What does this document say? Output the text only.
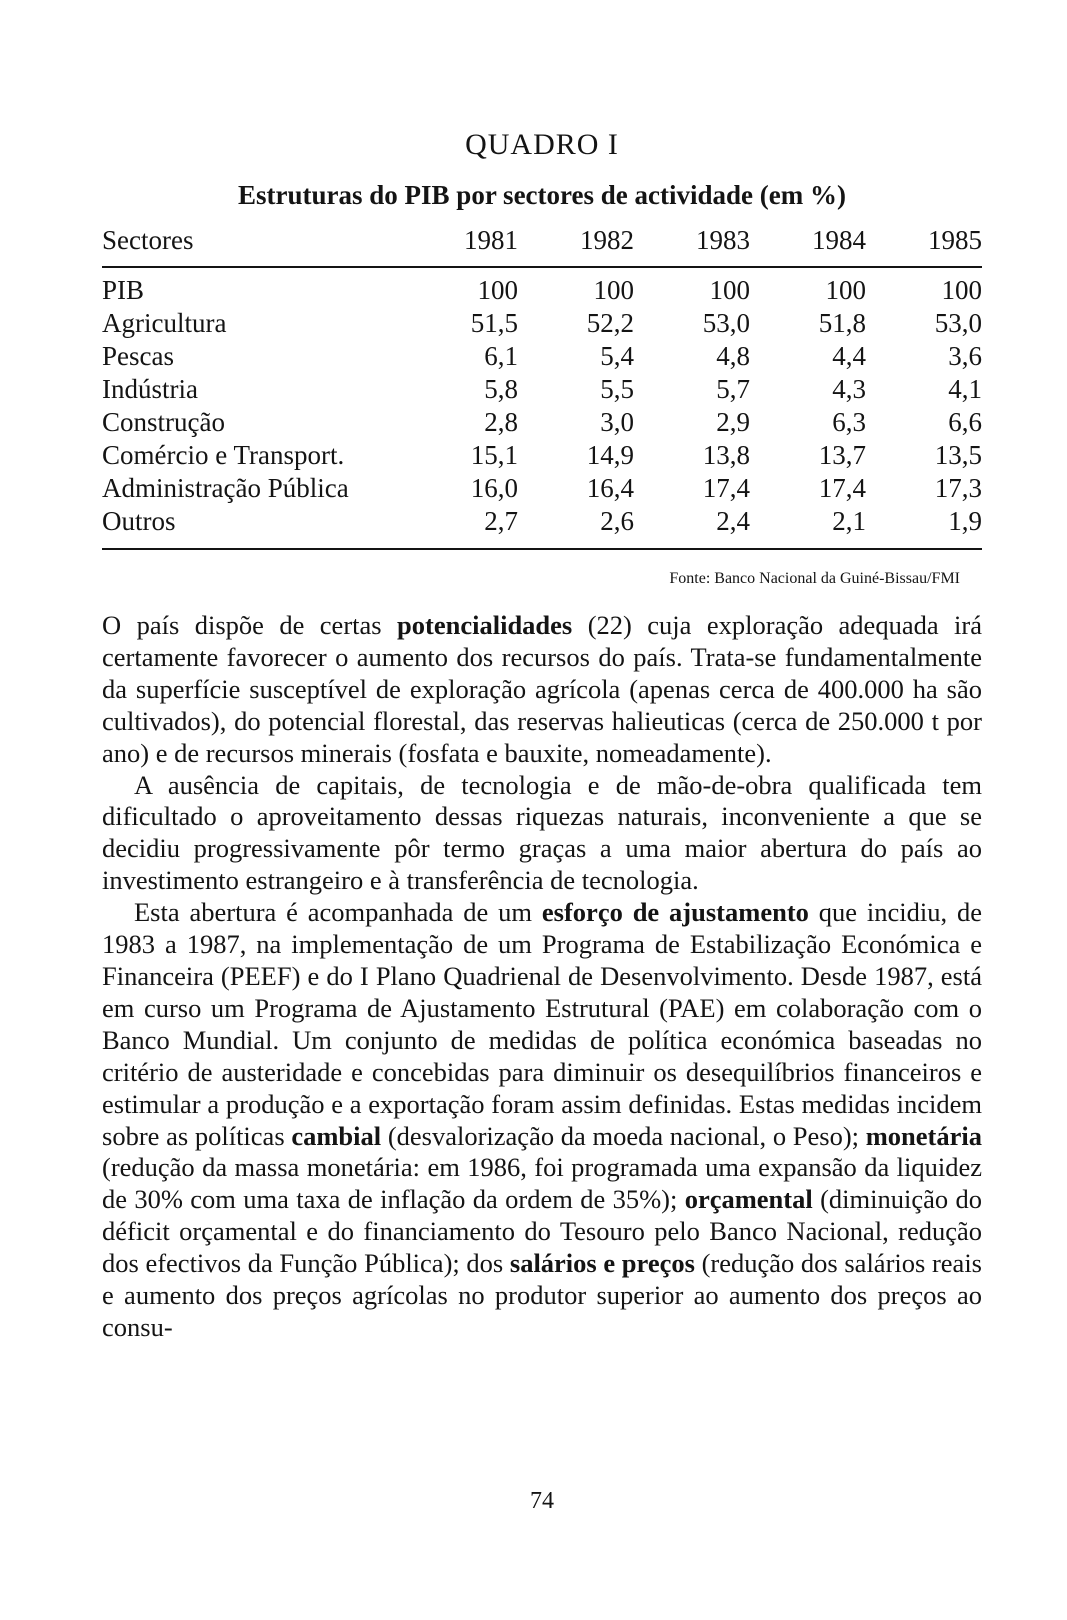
QUADRO I
Estruturas do PIB por sectores de actividade (em %)
Sectores	1981	1982	1983	1984	1985
PIB	100	100	100	100	100
Agricultura	51,5	52,2	53,0	51,8	53,0
Pescas	6,1	5,4	4,8	4,4	3,6
Indústria	5,8	5,5	5,7	4,3	4,1
Construção	2,8	3,0	2,9	6,3	6,6
Comércio e Transport.	15,1	14,9	13,8	13,7	13,5
Administração Pública	16,0	16,4	17,4	17,4	17,3
Outros	2,7	2,6	2,4	2,1	1,9
Fonte: Banco Nacional da Guiné-Bissau/FMI

O país dispõe de certas potencialidades (22) cuja exploração adequada irá certamente favorecer o aumento dos recursos do país. Trata-se fundamentalmente da superfície susceptível de exploração agrícola (apenas cerca de 400.000 ha são cultivados), do potencial florestal, das reservas halieuticas (cerca de 250.000 t por ano) e de recursos minerais (fosfata e bauxite, nomeadamente).

A ausência de capitais, de tecnologia e de mão-de-obra qualificada tem dificultado o aproveitamento dessas riquezas naturais, inconveniente a que se decidiu progressivamente pôr termo graças a uma maior abertura do país ao investimento estrangeiro e à transferência de tecnologia.

Esta abertura é acompanhada de um esforço de ajustamento que incidiu, de 1983 a 1987, na implementação de um Programa de Estabilização Económica e Financeira (PEEF) e do I Plano Quadrienal de Desenvolvimento. Desde 1987, está em curso um Programa de Ajustamento Estrutural (PAE) em colaboração com o Banco Mundial. Um conjunto de medidas de política económica baseadas no critério de austeridade e concebidas para diminuir os desequilíbrios financeiros e estimular a produção e a exportação foram assim definidas. Estas medidas incidem sobre as políticas cambial (desvalorização da moeda nacional, o Peso); monetária (redução da massa monetária: em 1986, foi programada uma expansão da liquidez de 30% com uma taxa de inflação da ordem de 35%); orçamental (diminuição do déficit orçamental e do financiamento do Tesouro pelo Banco Nacional, redução dos efectivos da Função Pública); dos salários e preços (redução dos salários reais e aumento dos preços agrícolas no produtor superior ao aumento dos preços ao consu-

74
